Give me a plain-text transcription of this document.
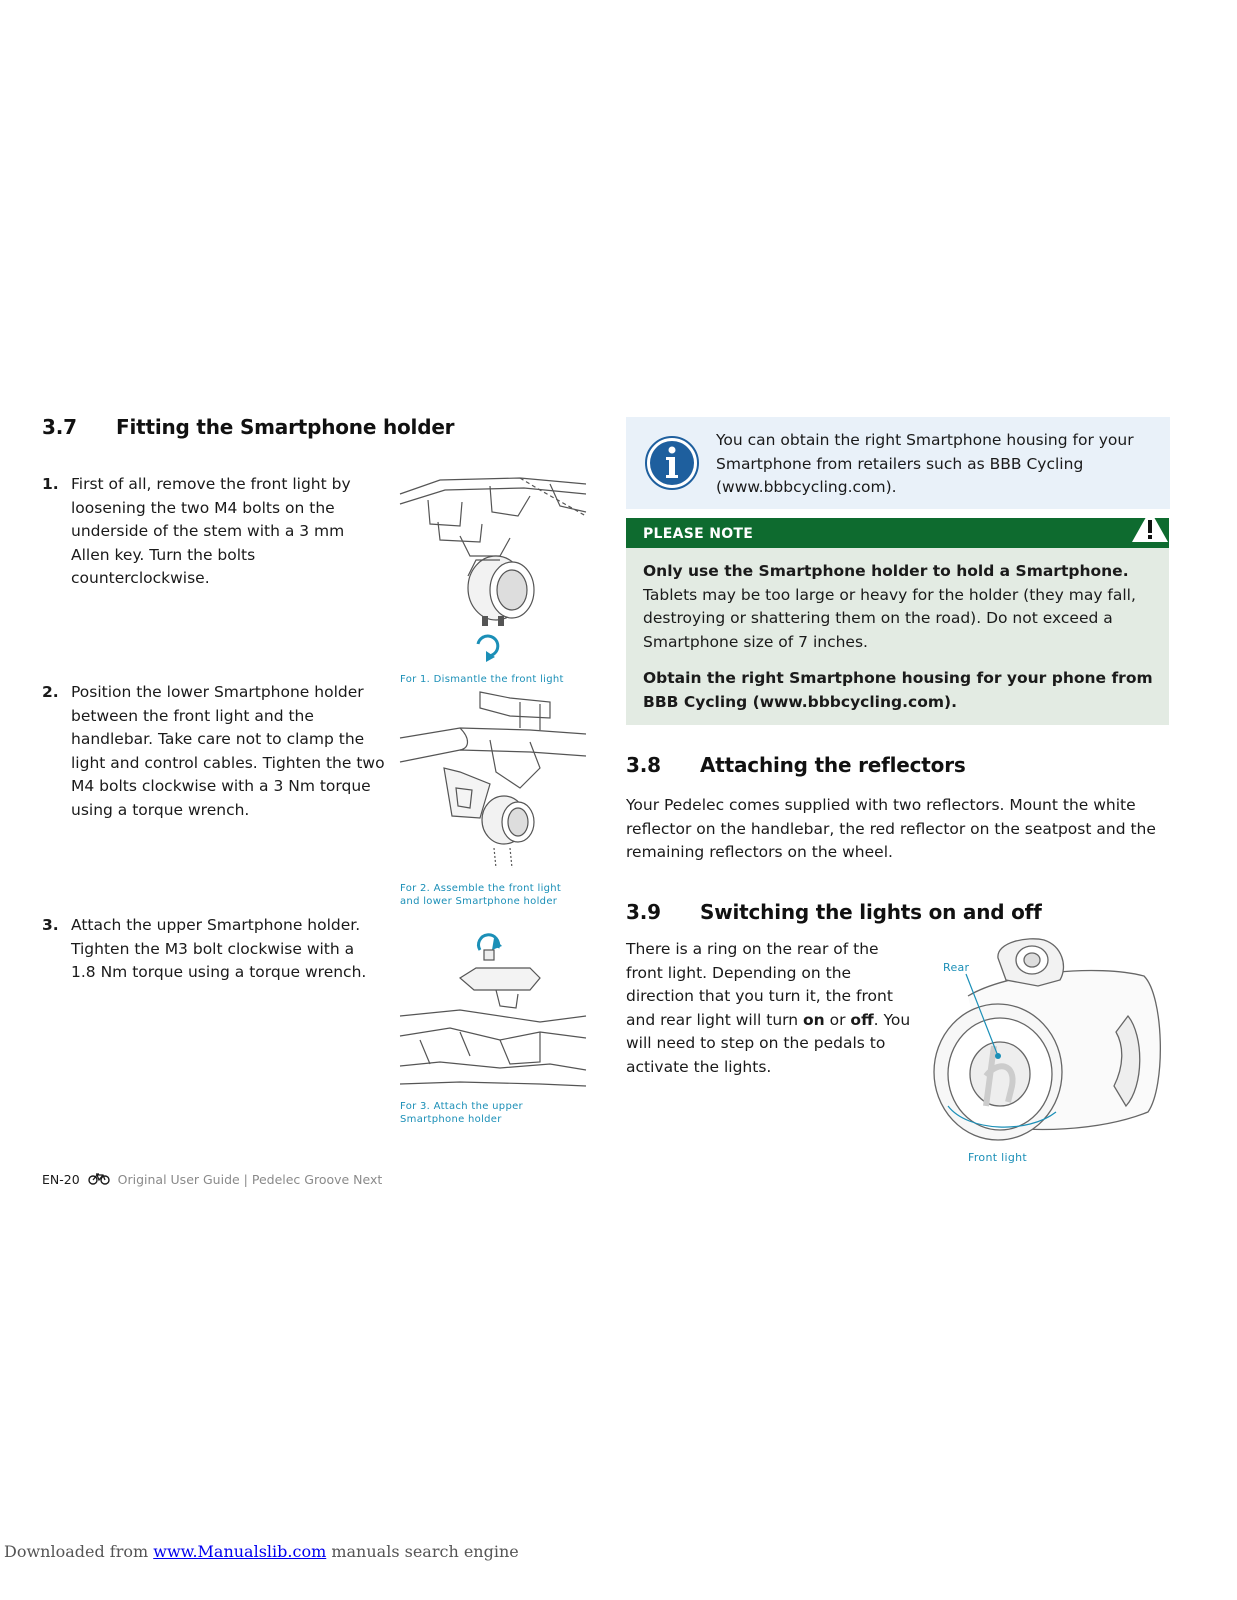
3.7 Fitting the Smartphone holder
1. First of all, remove the front light by loosening the two M4 bolts on the underside of the stem with a 3 mm Allen key. Turn the bolts counterclockwise.
2. Position the lower Smartphone holder between the front light and the handlebar. Take care not to clamp the light and control cables. Tighten the two M4 bolts clockwise with a 3 Nm torque using a torque wrench.
3. Attach the upper Smartphone holder. Tighten the M3 bolt clockwise with a 1.8 Nm torque using a torque wrench.
For 1. Dismantle the front light
For 2. Assemble the front light and lower Smartphone holder
For 3. Attach the upper Smartphone holder
EN-20	Original User Guide | Pedelec Groove Next
You can obtain the right Smartphone housing for your Smartphone from retailers such as BBB Cycling (www.bbbcycling.com).
PLEASE NOTE

Only use the Smartphone holder to hold a Smartphone. Tablets may be too large or heavy for the holder (they may fall, destroying or shattering them on the road). Do not exceed a Smartphone size of 7 inches.

Obtain the right Smartphone housing for your phone from BBB Cycling (www.bbbcycling.com).

3.8 Attaching the reflectors

Your Pedelec comes supplied with two reflectors. Mount the white reflector on the handlebar, the red reflector on the seatpost and the remaining reflectors on the wheel.

3.9 Switching the lights on and off

There is a ring on the rear of the front light. Depending on the direction that you turn it, the front and rear light will turn on or off. You will need to step on the pedals to activate the lights.

Rear
Front light
Downloaded from www.Manualslib.com manuals search engine
